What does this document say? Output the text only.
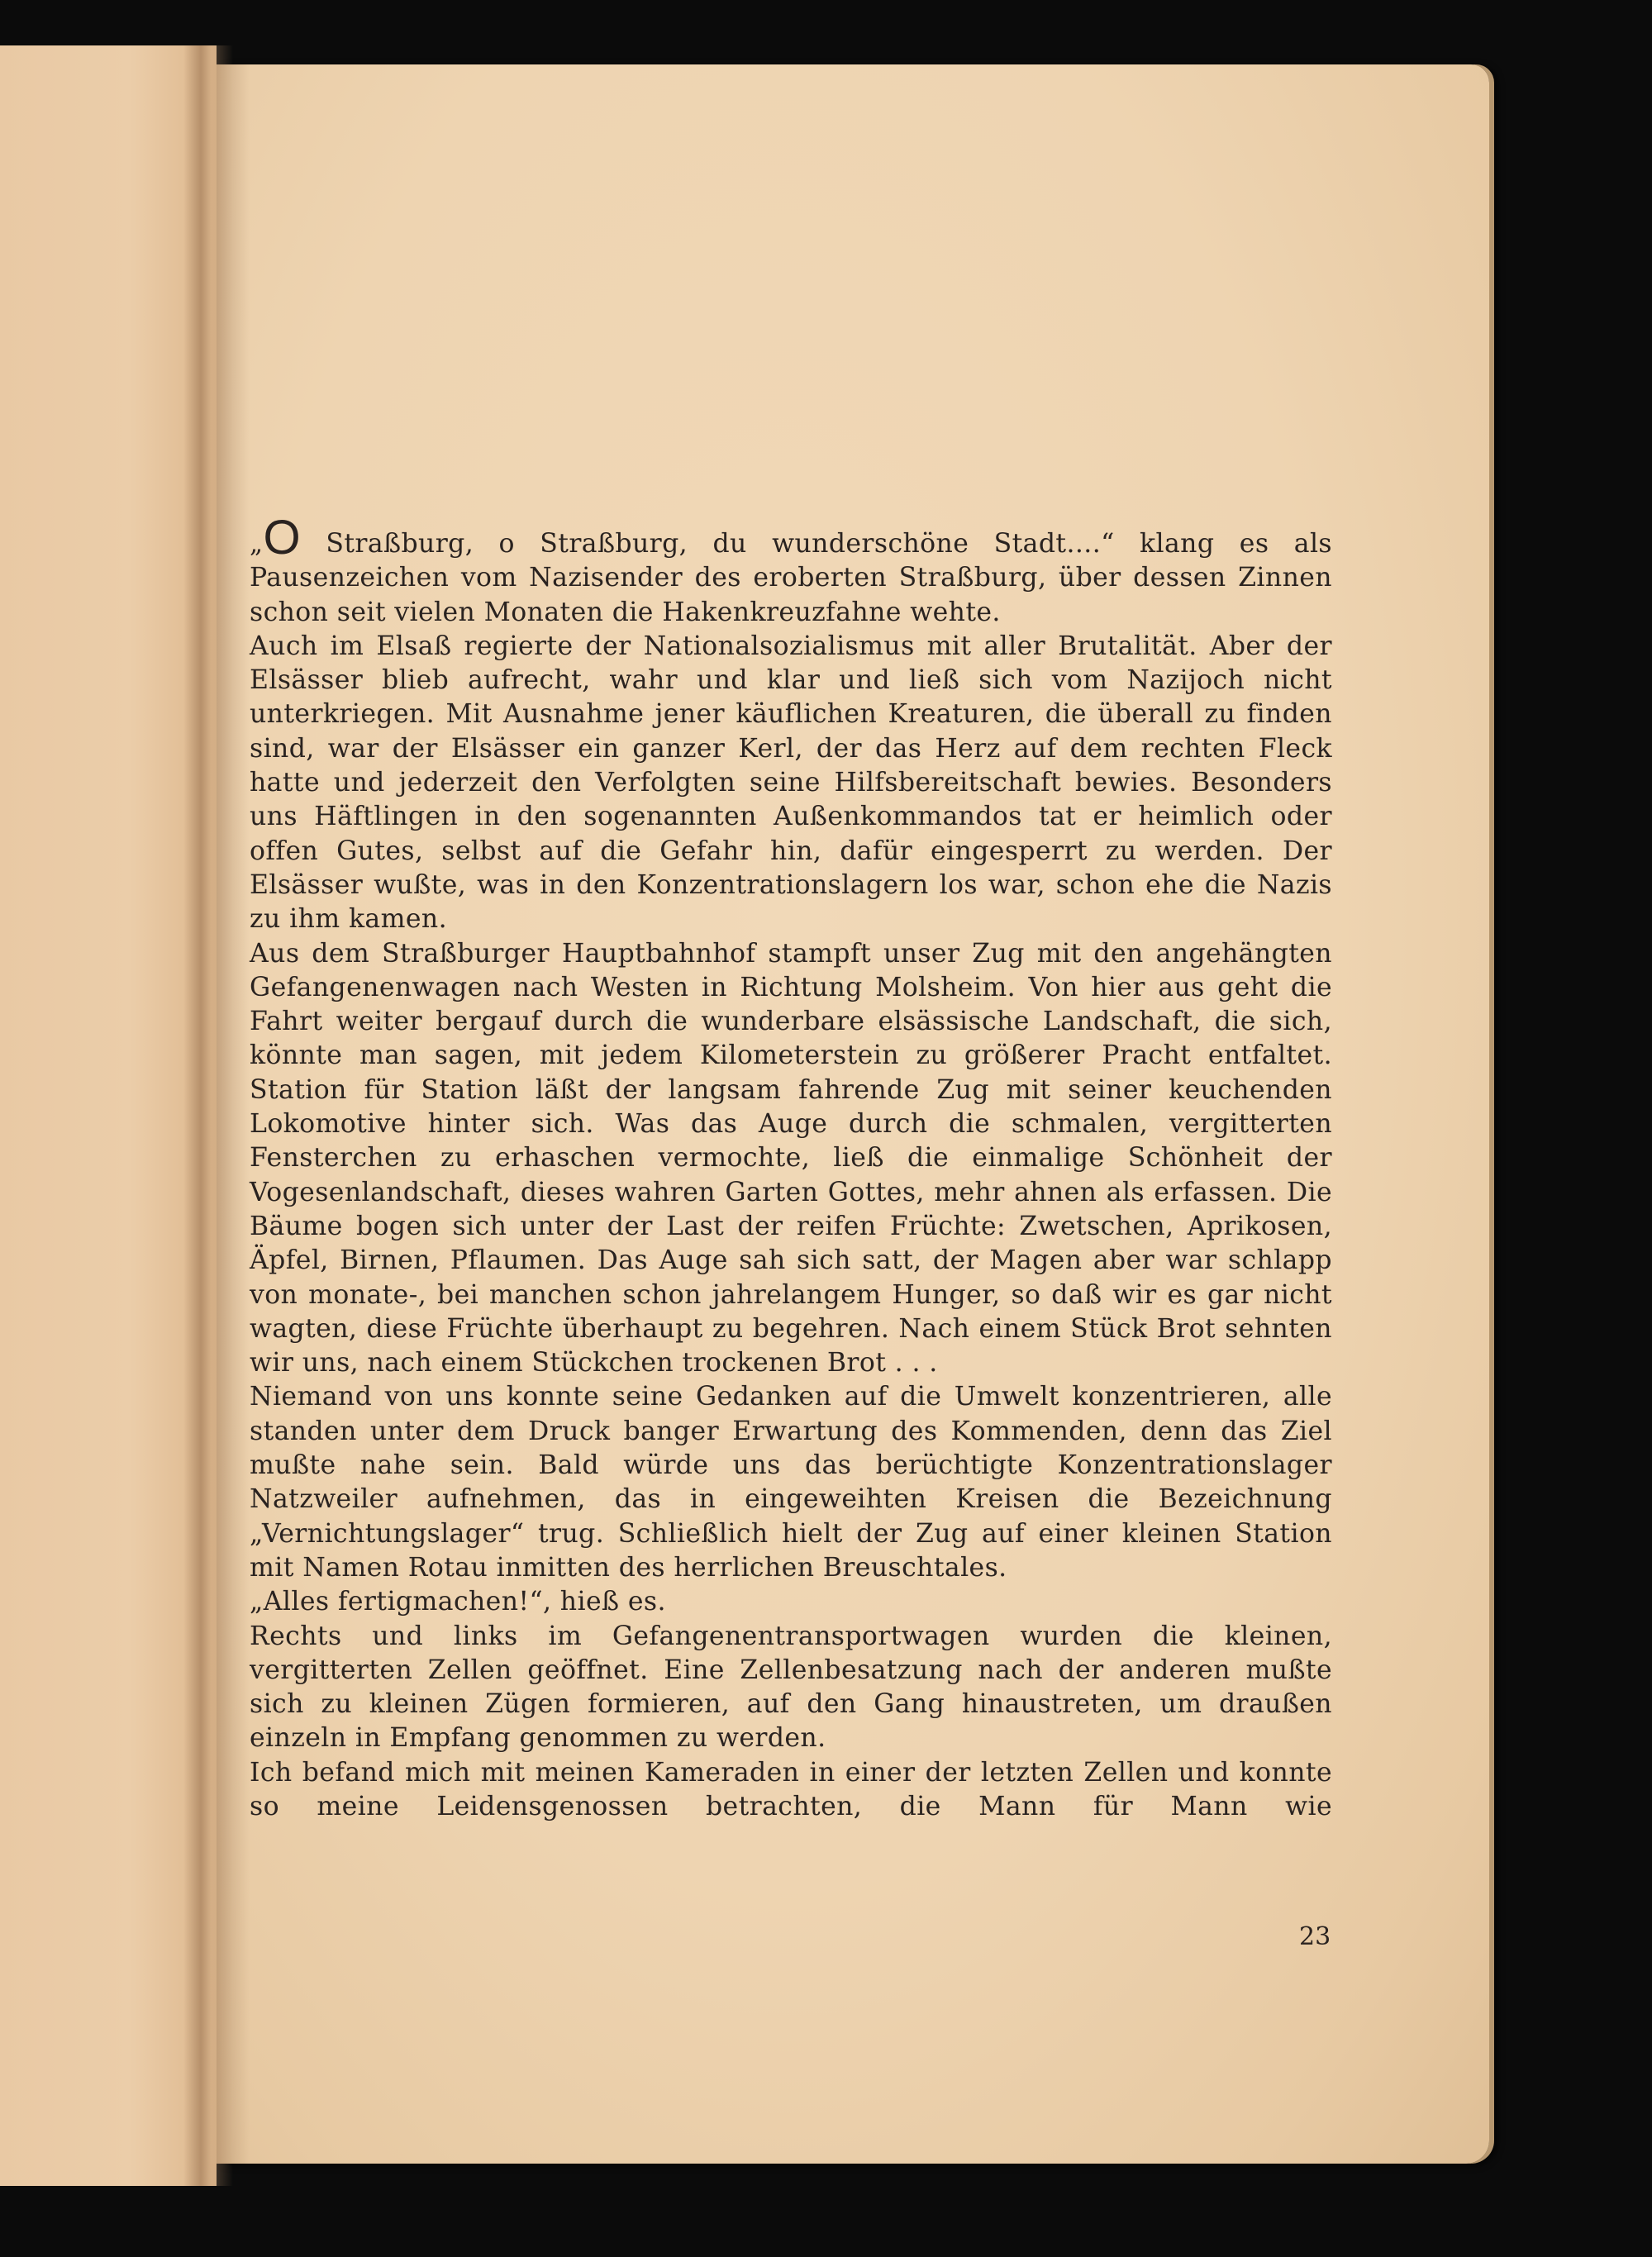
„O Straßburg, o Straßburg, du wunderschöne Stadt....“ klang es als Pausenzeichen vom Nazisender des eroberten Straßburg, über dessen Zinnen schon seit vielen Monaten die Hakenkreuzfahne wehte.

Auch im Elsaß regierte der Nationalsozialismus mit aller Brutalität. Aber der Elsässer blieb aufrecht, wahr und klar und ließ sich vom Nazijoch nicht unterkriegen. Mit Ausnahme jener käuflichen Kreaturen, die überall zu finden sind, war der Elsässer ein ganzer Kerl, der das Herz auf dem rechten Fleck hatte und jederzeit den Verfolgten seine Hilfsbereitschaft bewies. Besonders uns Häftlingen in den sogenannten Außenkommandos tat er heimlich oder offen Gutes, selbst auf die Gefahr hin, dafür eingesperrt zu werden. Der Elsässer wußte, was in den Konzentrationslagern los war, schon ehe die Nazis zu ihm kamen.

Aus dem Straßburger Hauptbahnhof stampft unser Zug mit den angehängten Gefangenenwagen nach Westen in Richtung Molsheim. Von hier aus geht die Fahrt weiter bergauf durch die wunderbare elsässische Landschaft, die sich, könnte man sagen, mit jedem Kilometerstein zu größerer Pracht entfaltet. Station für Station läßt der langsam fahrende Zug mit seiner keuchenden Lokomotive hinter sich. Was das Auge durch die schmalen, vergitterten Fensterchen zu erhaschen vermochte, ließ die einmalige Schönheit der Vogesenlandschaft, dieses wahren Garten Gottes, mehr ahnen als erfassen. Die Bäume bogen sich unter der Last der reifen Früchte: Zwetschen, Aprikosen, Äpfel, Birnen, Pflaumen. Das Auge sah sich satt, der Magen aber war schlapp von monate-, bei manchen schon jahrelangem Hunger, so daß wir es gar nicht wagten, diese Früchte überhaupt zu begehren. Nach einem Stück Brot sehnten wir uns, nach einem Stückchen trockenen Brot . . .

Niemand von uns konnte seine Gedanken auf die Umwelt konzentrieren, alle standen unter dem Druck banger Erwartung des Kommenden, denn das Ziel mußte nahe sein. Bald würde uns das berüchtigte Konzentrationslager Natzweiler aufnehmen, das in eingeweihten Kreisen die Bezeichnung „Vernichtungslager“ trug. Schließlich hielt der Zug auf einer kleinen Station mit Namen Rotau inmitten des herrlichen Breuschtales.

„Alles fertigmachen!“, hieß es.

Rechts und links im Gefangenentransportwagen wurden die kleinen, vergitterten Zellen geöffnet. Eine Zellenbesatzung nach der anderen mußte sich zu kleinen Zügen formieren, auf den Gang hinaustreten, um draußen einzeln in Empfang genommen zu werden.

Ich befand mich mit meinen Kameraden in einer der letzten Zellen und konnte so meine Leidensgenossen betrachten, die Mann für Mann wie

23
